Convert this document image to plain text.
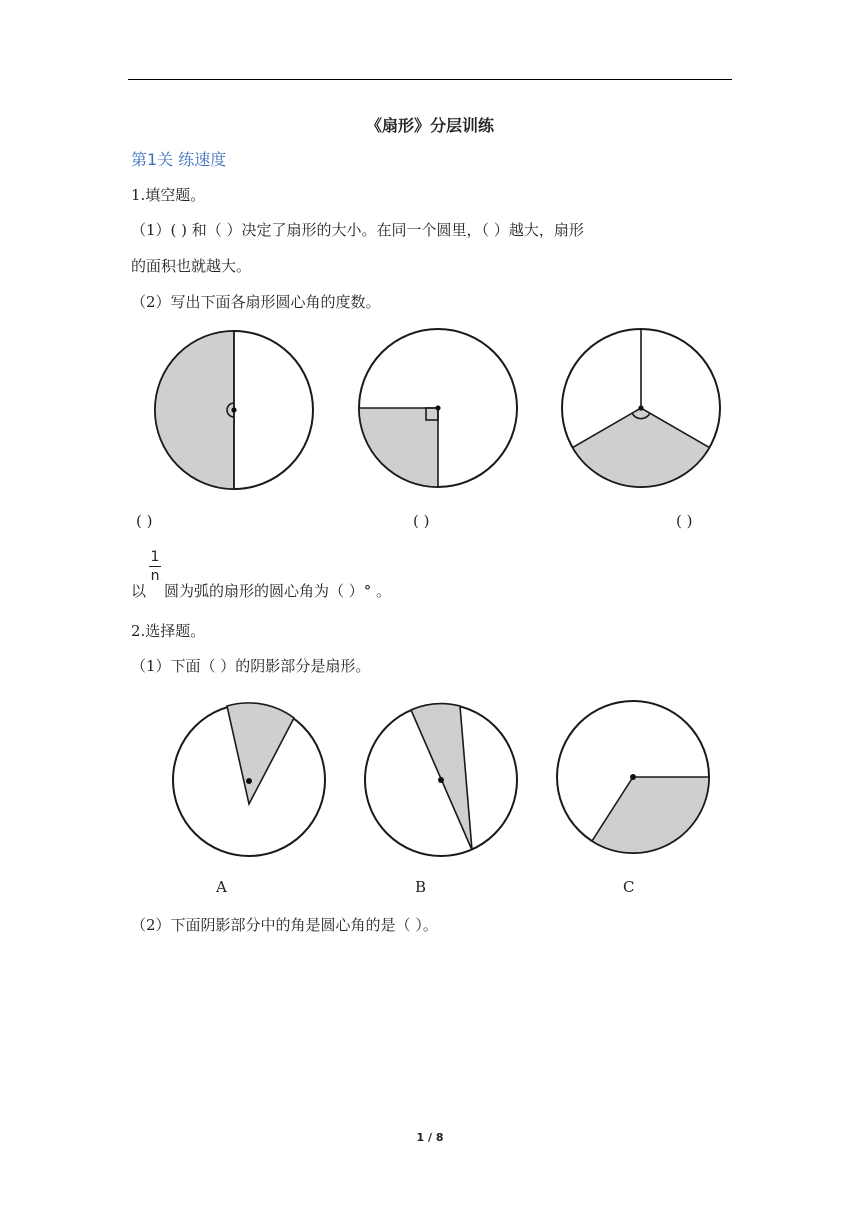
《扇形》分层训练
第1关 练速度
1.填空题。
（1）( ) 和（ ）决定了扇形的大小。在同一个圆里，（ ）越大，扇形
的面积也就越大。
（2）写出下面各扇形圆心角的度数。
( )	( )	( )
以
1
n
圆为弧的扇形的圆心角为（ ）° 。
2.选择题。
（1）下面（ ）的阴影部分是扇形。
A	B	C
（2）下面阴影部分中的角是圆心角的是（ ）。
1 / 8
